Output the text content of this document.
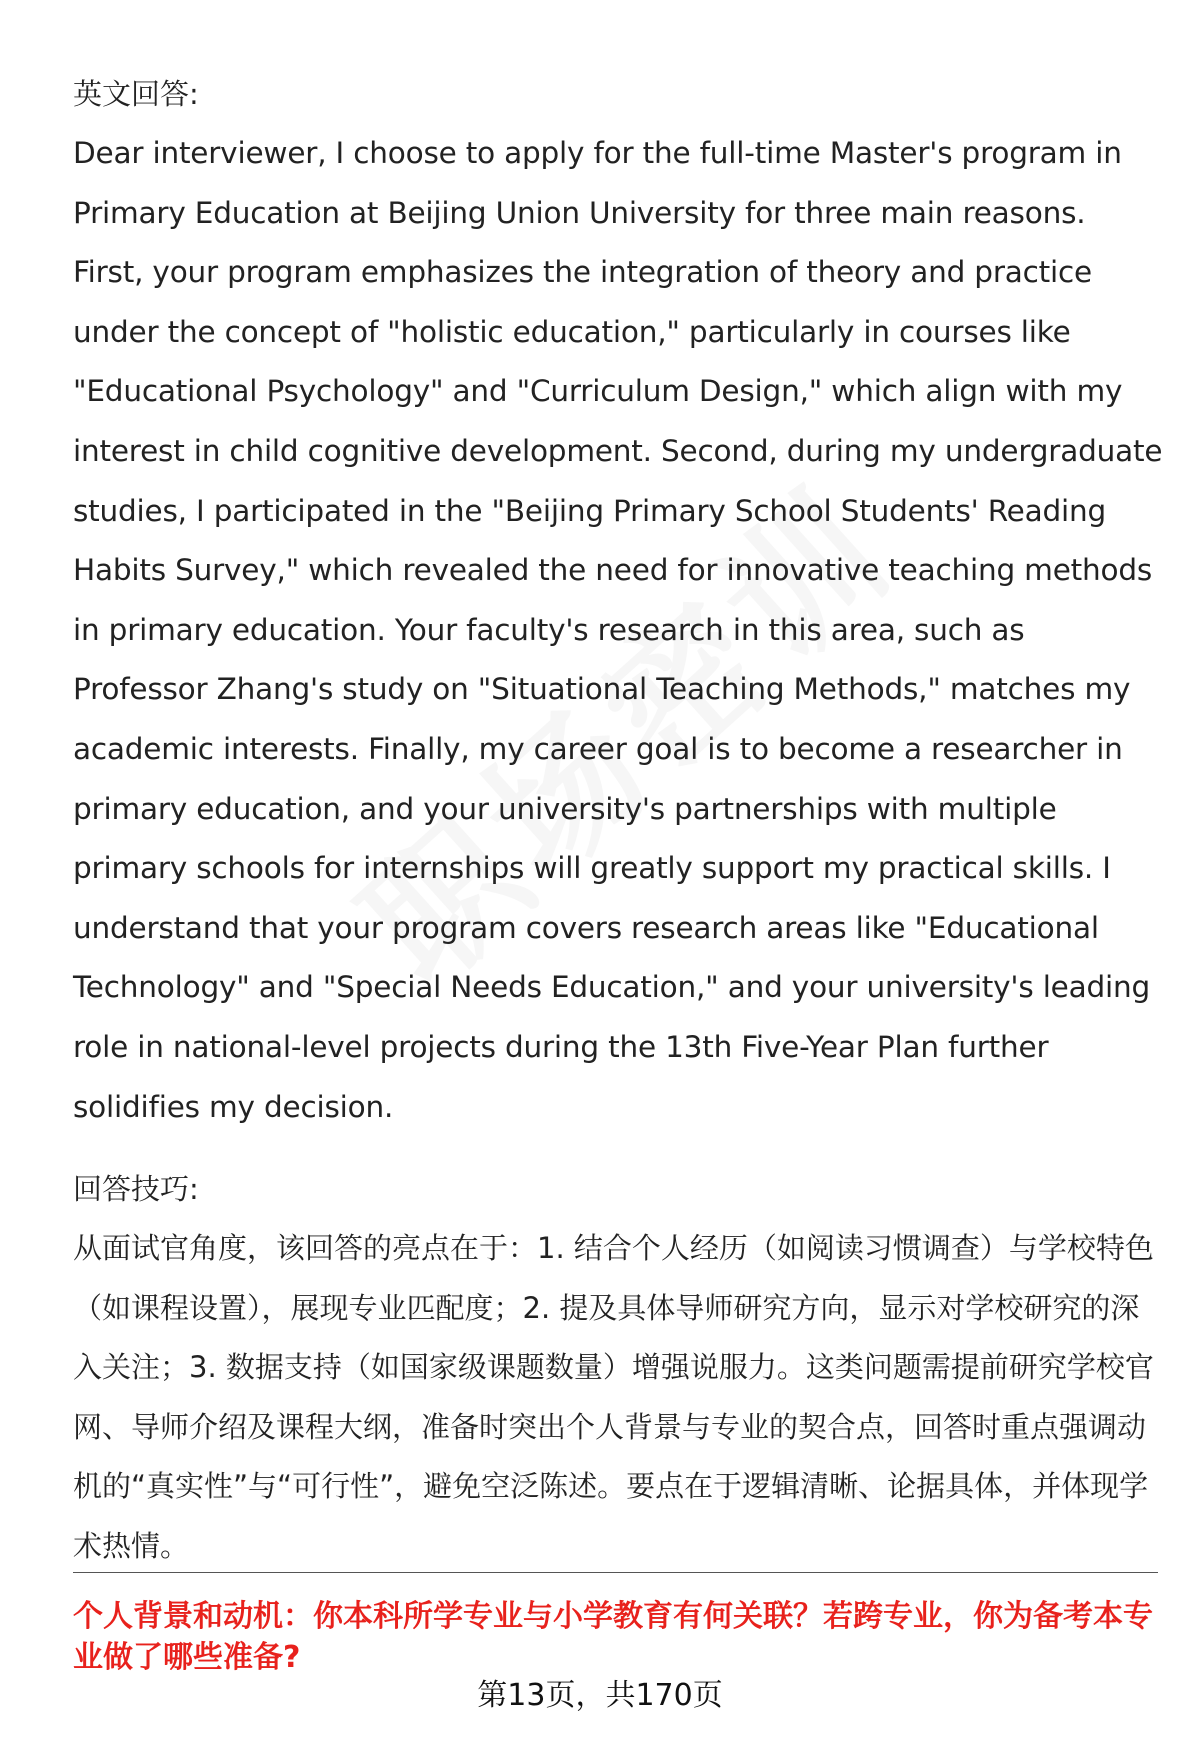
英文回答:

Dear interviewer, I choose to apply for the full-time Master's program in Primary Education at Beijing Union University for three main reasons. First, your program emphasizes the integration of theory and practice under the concept of "holistic education," particularly in courses like "Educational Psychology" and "Curriculum Design," which align with my interest in child cognitive development. Second, during my undergraduate studies, I participated in the "Beijing Primary School Students' Reading Habits Survey," which revealed the need for innovative teaching methods in primary education. Your faculty's research in this area, such as Professor Zhang's study on "Situational Teaching Methods," matches my academic interests. Finally, my career goal is to become a researcher in primary education, and your university's partnerships with multiple primary schools for internships will greatly support my practical skills. I understand that your program covers research areas like "Educational Technology" and "Special Needs Education," and your university's leading role in national-level projects during the 13th Five-Year Plan further solidifies my decision.

回答技巧:

从面试官角度，该回答的亮点在于：1. 结合个人经历（如阅读习惯调查）与学校特色（如课程设置），展现专业匹配度；2. 提及具体导师研究方向，显示对学校研究的深入关注；3. 数据支持（如国家级课题数量）增强说服力。这类问题需提前研究学校官网、导师介绍及课程大纲，准备时突出个人背景与专业的契合点，回答时重点强调动机的“真实性”与“可行性”，避免空泛陈述。要点在于逻辑清晰、论据具体，并体现学术热情。

个人背景和动机：你本科所学专业与小学教育有何关联？若跨专业，你为备考本专业做了哪些准备?

第13页，共170页
